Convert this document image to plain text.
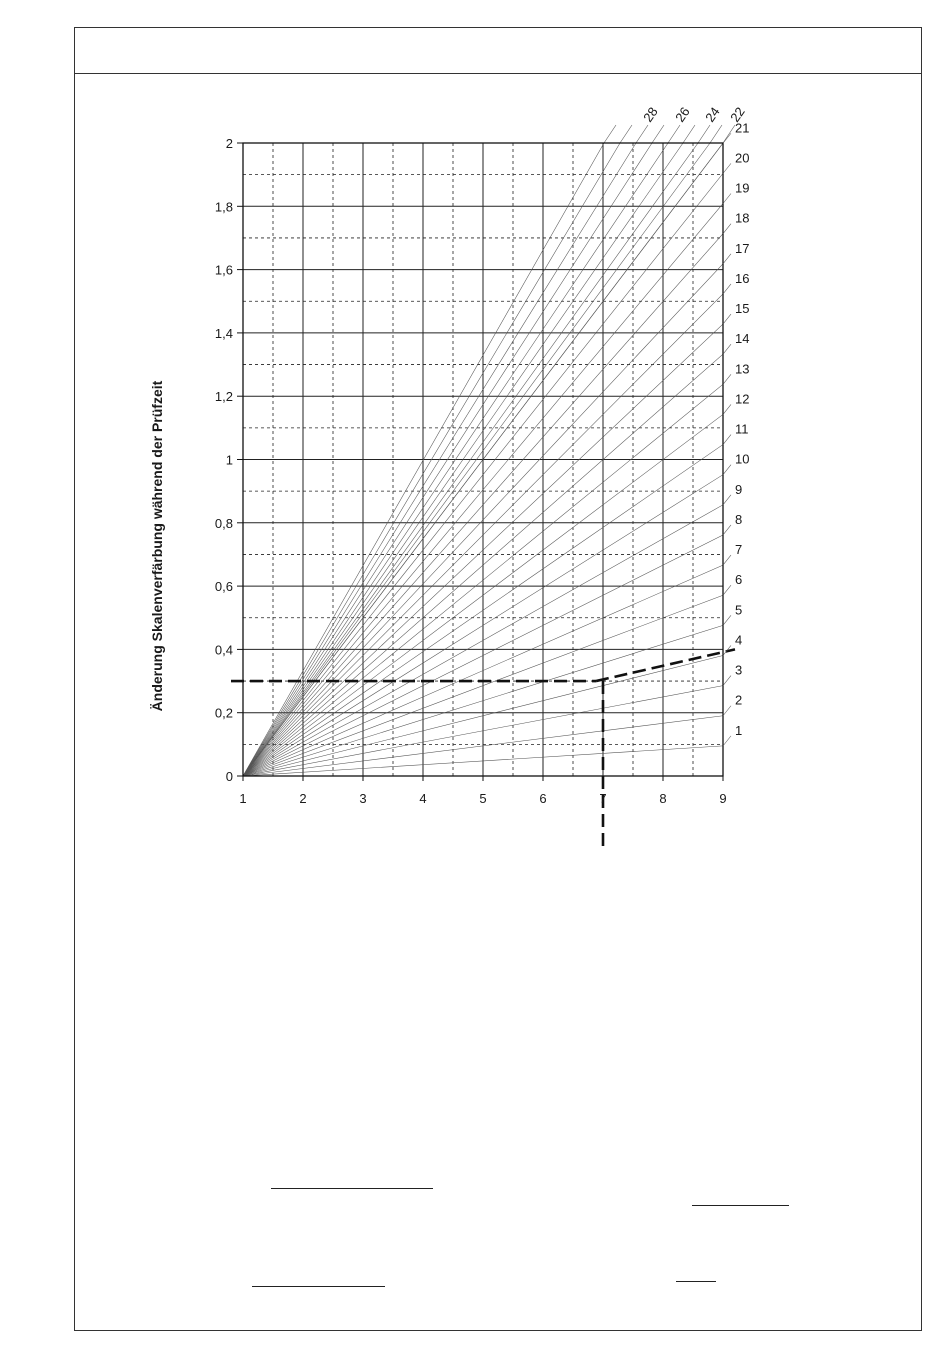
1	2	3	4	5	6	7	8	9
0
0,2
0,4
0,6
0,8
1
1,2
1,4
1,6
1,8
2
1
2
3
4
5
6
7
8
9
10
11
12
13
14
15
16
17
18
19
20
21
22
24
26
28
Änderung Skalenverfärbung während der Prüfzeit
